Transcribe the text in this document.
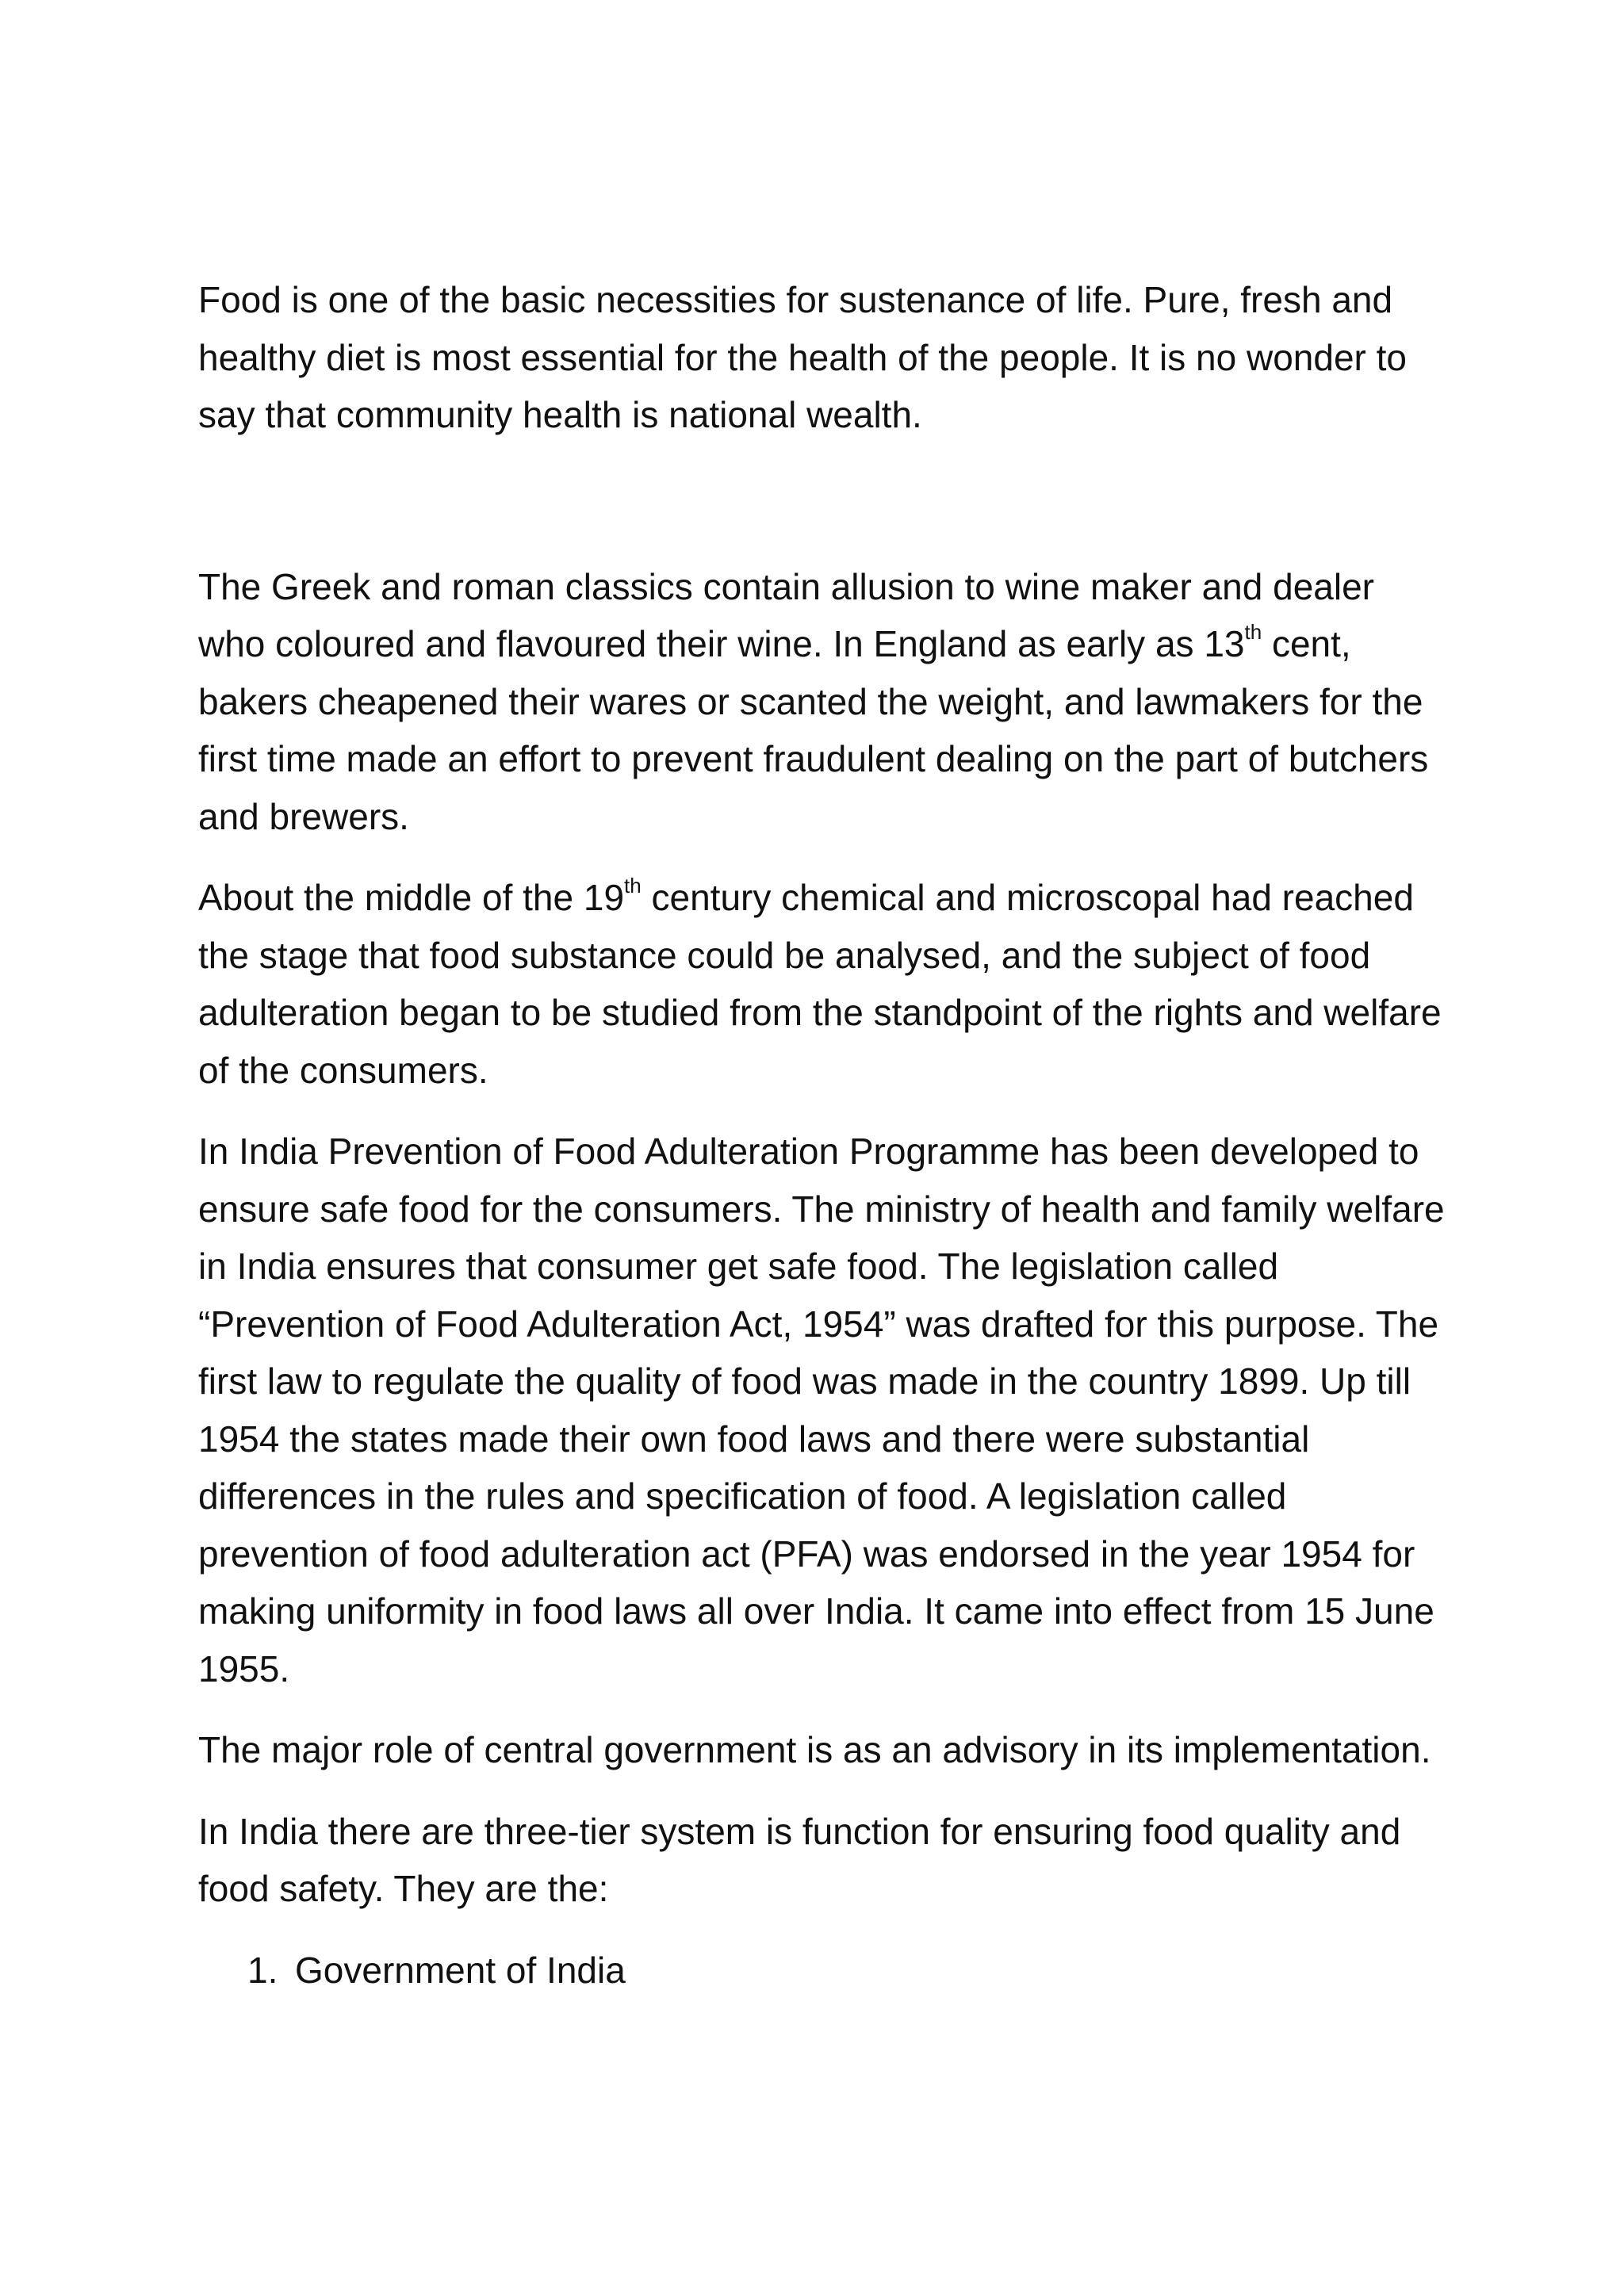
Food is one of the basic necessities for sustenance of life. Pure, fresh and healthy diet is most essential for the health of the people. It is no wonder to say that community health is national wealth.

The Greek and roman classics contain allusion to wine maker and dealer who coloured and flavoured their wine. In England as early as 13th cent, bakers cheapened their wares or scanted the weight, and lawmakers for the first time made an effort to prevent fraudulent dealing on the part of butchers and brewers.

About the middle of the 19th century chemical and microscopal had reached the stage that food substance could be analysed, and the subject of food adulteration began to be studied from the standpoint of the rights and welfare of the consumers.

In India Prevention of Food Adulteration Programme has been developed to ensure safe food for the consumers. The ministry of health and family welfare in India ensures that consumer get safe food. The legislation called “Prevention of Food Adulteration Act, 1954” was drafted for this purpose. The first law to regulate the quality of food was made in the country 1899. Up till 1954 the states made their own food laws and there were substantial differences in the rules and specification of food. A legislation called prevention of food adulteration act (PFA) was endorsed in the year 1954 for making uniformity in food laws all over India. It came into effect from 15 June 1955.

The major role of central government is as an advisory in its implementation.

In India there are three-tier system is function for ensuring food quality and food safety. They are the:

1. Government of India
